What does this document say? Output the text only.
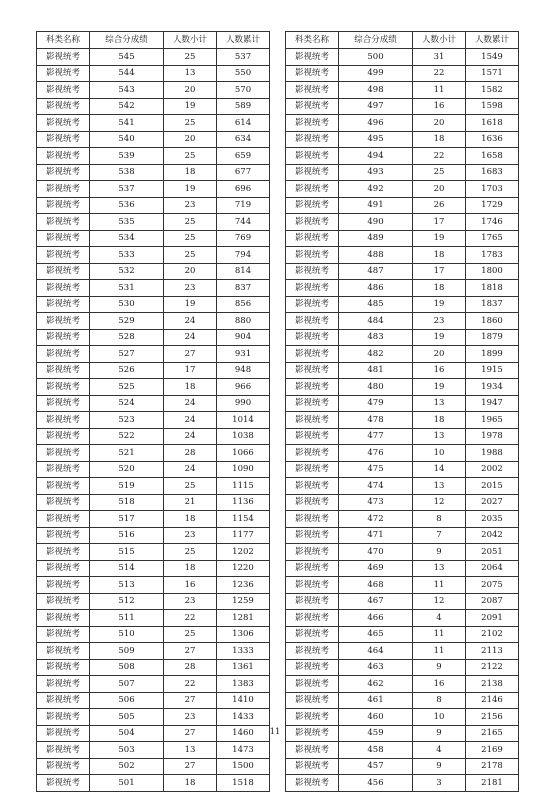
科类名称	综合分成绩	人数小计	人数累计
影视统考	545	25	537
影视统考	544	13	550
影视统考	543	20	570
影视统考	542	19	589
影视统考	541	25	614
影视统考	540	20	634
影视统考	539	25	659
影视统考	538	18	677
影视统考	537	19	696
影视统考	536	23	719
影视统考	535	25	744
影视统考	534	25	769
影视统考	533	25	794
影视统考	532	20	814
影视统考	531	23	837
影视统考	530	19	856
影视统考	529	24	880
影视统考	528	24	904
影视统考	527	27	931
影视统考	526	17	948
影视统考	525	18	966
影视统考	524	24	990
影视统考	523	24	1014
影视统考	522	24	1038
影视统考	521	28	1066
影视统考	520	24	1090
影视统考	519	25	1115
影视统考	518	21	1136
影视统考	517	18	1154
影视统考	516	23	1177
影视统考	515	25	1202
影视统考	514	18	1220
影视统考	513	16	1236
影视统考	512	23	1259
影视统考	511	22	1281
影视统考	510	25	1306
影视统考	509	27	1333
影视统考	508	28	1361
影视统考	507	22	1383
影视统考	506	27	1410
影视统考	505	23	1433
影视统考	504	27	1460
影视统考	503	13	1473
影视统考	502	27	1500
影视统考	501	18	1518
科类名称	综合分成绩	人数小计	人数累计
影视统考	500	31	1549
影视统考	499	22	1571
影视统考	498	11	1582
影视统考	497	16	1598
影视统考	496	20	1618
影视统考	495	18	1636
影视统考	494	22	1658
影视统考	493	25	1683
影视统考	492	20	1703
影视统考	491	26	1729
影视统考	490	17	1746
影视统考	489	19	1765
影视统考	488	18	1783
影视统考	487	17	1800
影视统考	486	18	1818
影视统考	485	19	1837
影视统考	484	23	1860
影视统考	483	19	1879
影视统考	482	20	1899
影视统考	481	16	1915
影视统考	480	19	1934
影视统考	479	13	1947
影视统考	478	18	1965
影视统考	477	13	1978
影视统考	476	10	1988
影视统考	475	14	2002
影视统考	474	13	2015
影视统考	473	12	2027
影视统考	472	8	2035
影视统考	471	7	2042
影视统考	470	9	2051
影视统考	469	13	2064
影视统考	468	11	2075
影视统考	467	12	2087
影视统考	466	4	2091
影视统考	465	11	2102
影视统考	464	11	2113
影视统考	463	9	2122
影视统考	462	16	2138
影视统考	461	8	2146
影视统考	460	10	2156
影视统考	459	9	2165
影视统考	458	4	2169
影视统考	457	9	2178
影视统考	456	3	2181
11
